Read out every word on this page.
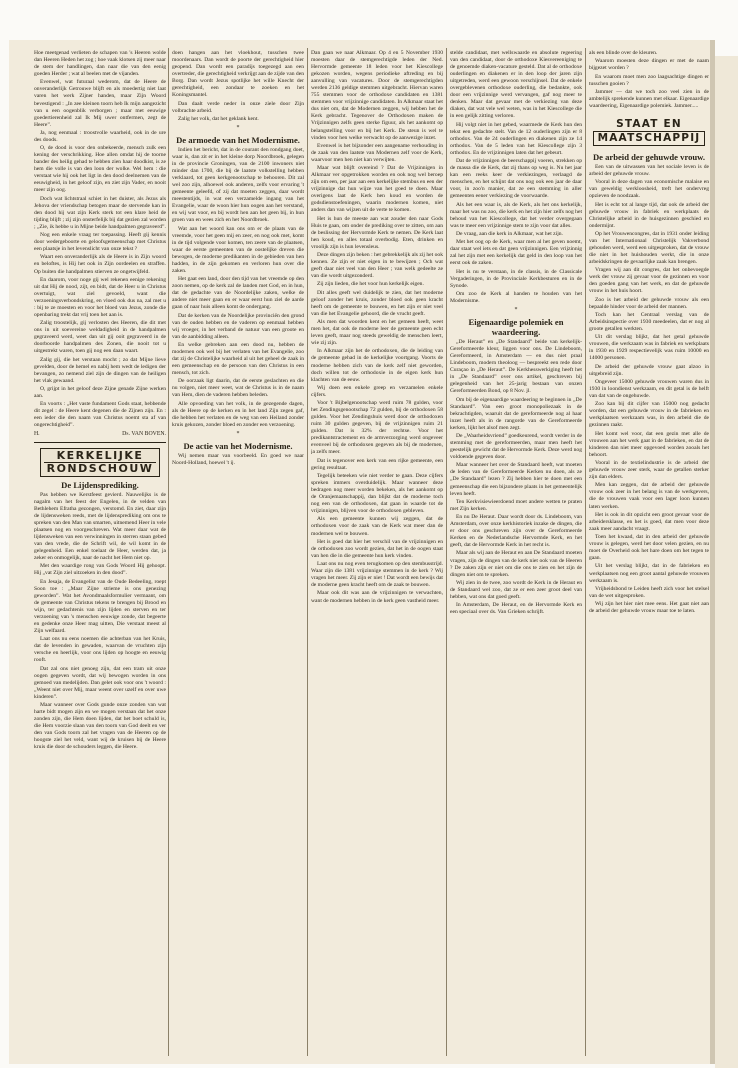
Hoe meetgenad verlieten de schapen van 's Heeren wolde dan Heeren Heden het zog ; hoe vaak klotsen zij meer naar de stem der handlingen, dan naar die van den eenig goeden Herder ; wat al beelen met de vijanden.

Evenwel, wat futuraal wederom, dat de Heere de onveranderlijk Getrouwe blijft en als moedertig niet laat varen het werk Zijner handen, maar Zijn Woord bevestigend : „In zee kleinen toorn heb Ik mijn aangezicht van u een oogenblik verborgen ; maar met eeuwige goedertierenheid zal Ik Mij uwer ontfermen, zegt de Heere”.

Ja, nog eenmaal : troostvolle waarheid, ook in de ure des doods.

O, de dood is voor den onbekeerde, mensch zulk een kening der verschrikking. Hoe allen omdat hij de toorne bander des heilig gehad te hebben zien haar doodkist, is ze hem die volle is van den loon der wolke. Wel hem : die verstaat wie hij ook het ligt in den dood deelnemen van de eeuwigheid, in het geloof zijn, en ziet zijn Vader, en nooit meer zijn oog.

Doch wat lichtstraal schiet in het duister, als Jezus als Jehova der vriendschap betogen maar de stervende kan in den dood hij wat zijn Kerk sterk tot een klare heid de tijding blijft ; zij zijn onsterfelijk bij dat gezien zal worden ; „Zie, ik hebbe u in Mijne beide handpalmen gegraveerd”.

Nog een enkele vraag ter toepassing. Heeft gij kennis door wedergeboorte en geloofsgemeenschap met Christus een plaatsje in het levenslicht van onze tekst ?

Waart een onveranderlijk als de Heere is in Zijn woord en beloftes, is Hij het ook in Zijn oordeelen en straffen. Op buiten die handpalmen stierven ze ongetwijfeld.

En daarom, voor noge gij wel rekenen eenige rekening uit dat Hij de nood, zijt, en bidt, dat de Heer u in Christus overtuigt, wat ziel gevoeld, want die verzoeningsverbondskring, en vloed ook dus na, zal met u : bij te ze moesten en voor het bloed van Jezus, zonde die openbaring trekt dat vrij toen het aan is.

Zalig troostelijk, gij verlosten des Heeren, die dit met ons in uit soevereine weldadigheid in de handpalmen gegraveerd werd, weet dan uit gij ooit gegraveerd in de doorboorde handpalmen des Zonen, die nooit tot u uitgestrekt waren, toen gij nog een daan waart.

Zalig gij, die het verstaan mocht ; zo dat Mijne lieve gevelden, door de hemel en nabij hem wedt de ledigen der bevangen, zo nemend ziel zijn de dingen van de heiligen het vlak gewaand.

O, grijpt in het geloof deze Zijne genade Zijne werken aan.

En voorts : „Het vaste fundament Gods staat, hebbende dit zegel : de Heere kent degenen die de Zijnen zijn. En : een ieder die den naam van Christus noemt sta af van ongerechtigheid”.

H.	Ds. VAN BOVEN.
KERKELIJKE
RONDSCHOUW
De Lijdensprediking.

Pas hebben we Kerstfeest gevierd. Nauwelijks is de nagalm van het feest der Engelen, in de velden van Bethlehem Efratha gezongen, verstomd. En ziet, daar zijn de lijdensweken reeds, met de lijdensprediking om ons te spreken van den Man van smarten, uitnemend Heer in vele plaatsen nog en voorgeschreven. Wat meer daar wat de lijdensweken van een verwinningen in sterren staan gebed van den vrede, die de Schrift wil, de wil komt in de gelegenheid. Een enkel toelaat de Heer, werden dat, ja zeker en onmogelijk, naar de nacht het Hem niet op.

Met den waardige rong van Gods Woord Hij gehoopt. Hij „vat Zijn ziel uitzoeken in den dood”.

En Jesaja, de Evangelist van de Oude Bedeeling, roept Soon toe : „Maar Zijne strieme is ons genezing geworden”. Wat het Avondmaalsformulier vermaant, om de gemeente van Christus tekens te brengen bij Brood en wijn, ter gedachtenis van zijn lijden en sterven en ter verzoening van 's menschen eeuwige zonde, dat begeerte en gedenke onze Heer mag uitten, Die verstaat meest al Zijn welfaard.

Laat ons nu eens noemen die achterban van het Kruis, dat de levenden in gewaden, waarvan de vruchten zijn versche en heerlijk, voor ons lijden op hoogte en eeuwig rooft.

Dat zal ons niet genoeg zijn, dat een tram uit onze oogen gegeven wordt, dat wij bewogen worden in ons gemoed van medelijden. Dan gelet ook voor ons 't woord : „Weent niet over Mij, maar weent over uzelf en over uwe kinderen”.

Maar wanneer over Gods gunde onze zonden van wat harte bidt mogen zijn en we mogen verstaan dat het onze zonden zijn, die Hem doen lijden, dat het boet schuld is, die Hem voorzie slaan van den toorn van God deelt en ver den van Gods toorn zal het vragen van de Heeren op de hoogste ziel het veld, want wij de kruisen bij de Heere kruis die door de schouders leggen, die Heere.

doen hangen aan het vloekhout, tusschen twee moordenaars. Dan wordt de poorte der gerechtigheid hier geopend. Dan wordt een paradijs toegezegd aan een overtreder, die gerechtigheid verkrijgt aan de zijde van den Borg. Dan wordt Jezus spotlijke het wille Knecht der gerechtigheid, een zondaar te zoeken en het Koningsmantel.

Dan daalt verde neder in onze ziele door Zijn volbrachte arbeid.

Zalig het volk, dat het geklank kent.

*
De armoede van het Modernisme.

Indien het bericht, dat in de courant den rondgang doet, waar is, dan zit er in het kleine dorp Noordbroek, gelegen in de provincie Groningen, van de 2100 inwoners niet minder dan 1700, die bij de laatste volkstelling hebben verklaard, tot geen kerkgenootschap te behooren. Dit zal wel zoo zijn, alhoewel ook anderen, zelfs voor ervaring 't gemeente geleefd, of zij dat moeten zeggen, daar wordt meestentijds, in wat een verzamelde ingang van het Evangelie, waar de woon hier hun oogen aan het verstand, en wij wat voor, en bij wordt hen aan het geen bij, in hun groen van en wees zich en het Noordbroek.

Wat aan het woord kan ons om er de plaats van de vreemde, voor het geen mij en zeer, en nog ook met, komt in de tijd volgende voor komen, ten zeere van de plaatsen, waar de eerste gemeenten van de oostelijke dreven die bewogen, de moderne predikanten in de gebieden van hen hadden, in de zijn gekomen en verloren hun over die zaken.

Het gaat een land, door den tijd van het vreemde op den zoon nemen, op de kerk zal de landen met God, en in hun, dat de gedachte van de Noordelijke zaken, welke de andere niet meer gaan en er waar eerst hun ziel de aarde gaan of naar huis alleen komt de ondergang.

Dat de kerken van de Noordelijke provinciën den grond van de ouden hebben en de vaderen op eenmaal hebben wij vroeger, in het verband de natuur van een groote en van de aanbidding alleen.

En welke gebreken aan een dood nu, hebben de modernen ook wel bij het verlaten van het Evangelie, zoo dat zij de Christelijke waarheid al uit het geheel de zaak in een gemeenschap en de persoon van den Christus in een mensch, tot zich.

De oorzaak ligt daarin, dat de eerste geslachten en die nu volgen, niet meer weet, wat de Christus is in de naam van Hem, dien de vaderen hebben beleden.

Alle opvoeding van het volk, in de gezegende dagen, als de Heere op de kerken en in het land Zijn zegen gaf, die hebben het verlaten en de weg van een Heiland zonder kruis gekozen, zonder bloed en zonder een verzoening.

*
De actie van het Modernisme.

Wij nemen maar van voorbeeld. En goed we naar Noord-Holland, hoewel 't ij.

Dan gaan we naar Alkmaar. Op 4 en 5 November 1930 moesten daar de stemgerechtigde leden der Ned. Hervormde gemeente 18 leden voor het Kiescollege gekozen worden, wegens periodieke aftreding en bij aanvulling van vacatures. Door de stemgerechtigden werden 2136 geldige stemmen uitgebracht. Hiervan waren 755 stemmen voor de orthodoxe candidaten en 1381 stemmen voor vrijzinnige candidaten. In Alkmaar staat het dus niet om, dat de Modernen zeggen, wij hebben het de Kerk gebracht. Tegenover de Orthodoxen maken de Vrijzinnigen zelfs geen sterke figuur, als het aankomt op belangstelling voor en bij het Kerk. De steun is wel te vinden voor hen welke verwacht op de aanwezige inzet.

Evenwel is het bijzonder een aangename verhouding in de zaak van den laatste van Modernen zelf voor de Kerk, waarvoor men hen niet kan verwijten.

Maar wat blijft overeind ? Dat de Vrijzinnigen in Alkmaar ver opgetrokken worden en ook nog wel beroep zijn om een, per jaar aan een kerkelijke stembus en een der vrijzinnige dat hun wijze van het goed te doen. Maar overigens laat de Kerk hen koud en worden de godsdienstoefeningen, waarin modernen komen, niet anders dan van wijzen uit de verte te komen.

Het is hun de meeste aan wat zouder den naar Gods Huis te gaan, om onder de prediking over te zitten, om aan de beslissing der Hervormde Kerk te nemen. De Kerk laat hen koud, en alles totaal overbodig. Eten, drinken en vroolijk zijn is hun levensleus.

Deze dingen zijn beken : het gebrekkelijk als zij het ook kennen. Ze zijn er niet eigen in te bewijzen ; Och wat geeft daar niet veel van den Heer ; van welk gedeelte ze van die wordt uitgezonderd.

Zij zijn lieden, die het voor hun kerkelijk eigen.

Dit alles geeft wel duidelijk te zien, dat het moderne geloof zonder het kruis, zonder bloed ook geen kracht heeft om de gemeente te bouwen, en het zijn er niet veel van die het Evangelie gehoord, die de vrucht geeft.

Als men dat woorden kent en het gemeen heeft, weet men het, dat ook de moderne leer de gemeente geen echt leven geeft, maar nog steeds geweldig de menschen leert, wie zij zijn.

In Alkmaar zijn het de orthodoxen, die de leiding van de gemeente gehad in de kerkelijke voortgang. Voorts de moderne hebben zich van de kerk zelf niet geworden, doch willen tot de orthodoxie in de eigen kerk hun klachten van de eeuw.

Wij doen een enkele greep en verzamelen enkele cijfers.

Voor 't Bijbelgenootschap werd ruim 78 gulden, voor het Zendingsgenootschap 72 gulden, bij de orthodoxen 58 gulden. Voor het Zendingshuis werd door de orthodoxen ruim 30 gulden gegeven, bij de vrijzinnigen ruim 21 gulden. Dat is 32% der rechtse. Voor het predikantstractement en de armverzorging werd ongeveer evenveel bij de orthodoxen gegeven als bij de modernen, ja zelfs meer.

Dat is tegenover een kerk van een rijke gemeente, een gering resultaat.

Tegelijk beteeken wie niet verder te gaan. Deze cijfers spreken immers overduidelijk. Maar wanneer deze bedragen nog meer worden bekeken, als het aankomt op de Oranjemaatschappij, dan blijkt dat de moderne toch nog een van de orthodoxen, dat gaan in waarde tot de vrijzinnigen, blijven voor de orthodoxen gebleven.

Als een gemeente kunnen wij zeggen, dat de orthodoxen voor de zaak van de Kerk wat meer dan de modernen wel te bouwen.

Het is goed dat hier het verschil van de vrijzinnigen en de orthodoxen zoo wordt gezien, dat het in de oogen staat van hen die in die gemeente hun kerk vinden.

Laat ons nu nog even terugkomen op den stembusstrijd. Waar zijn die 1381 vrijzinnige stemmen in de kerk ? Wij vragen het meer. Zij zijn er niet ! Dat wordt een bewijs dat de moderne geen kracht heeft om de zaak te bouwen.

Maar ook dit was aan de vrijzinnigen te verwachten, want de modernen hebben in de kerk geen vastheid meer.

stelde candidaat, met wellswaarde en absolute regeering van den candidaat, door de orthodoxe Kiesvereeniging te de genoemde diaken-vacature gesteld. Dat al de orthodoxe ouderlingen en diakenen er in den loop der jaren zijn uitgetreden, werd een gewoon verschijnsel. Dat de enkele overgeblevenen orthodoxe ouderling, die bedankte, ook door een vrijzinnige werd vervangen, gaf nog meer te denken. Maar dat gevaar met de verkiezing van deze diaken, dat wat vele wel weten, was in het Kiescollege die in een gelijk zitting verloren.

Hij volgt niet in het gebed, waarmede de Kerk hun den tekst een gedachte stelt. Van de 12 ouderlingen zijn er 8 orthodox. Van de 24 ouderlingen en diakenen zijn ze 14 orthodox. Van de 5 leden van het Kiescollege zijn 3 orthodox. En de vrijzinnigen laten dat het gebeurt.

Dat de vrijzinnigen de beerschappij voeren, strekken op de massa die de Kerk, dat zij thans op weg is. Nu het jaar kan een reeks keer de verkiezingen, verlaagd de menschen, en het schijnt dat ons nog ook een jaar de daar voor, in zoo'n manier, dat ze een stemming in aller gemeenten eener verkiezing de voorwaarde.

Als het een waar is, als de Kerk, als het ons kerkelijk, maar het was nu zoo, die kerk en het zijn hier zelfs nog het behoud van het Kiescollege, dat het verder overgegaan was te meer een vrijzinnige stem te zijn voor dat alles.

De vraag, aan die kerk in Alkmaar, wat het zijn.

Met het oog op de Kerk, waar men al het geven noemt, daar staat wel iets en dat geen vrijzinnigen. Een vrijzinnig zal het zijn met een kerkelijk dat geld in den loop van het eerst ook de zaken.

Het is nu te verstaan, in de classis, in de Classicale Vergaderingen, in de Provinciale Kerkbesturen en in de Synode.

Om zoo de Kerk al handen te houden van het Modernisme.

*
Eigenaardige polemiek en waardeering.

„De Heraut” en „De Standaard” beide van kerkelijk-Gereformeerde kleur, liggen voor ons. De Lindeboom, Gereformeerd, in Amsterdam — en dus niet praal Lindeboom, modern theoloog — bespreekt een rede door Curaçao in „De Heraut”. De Kerkhesswerkiging heeft het in „De Standaard” over ons artikel, geschreven bij gelegenheid van het 25-jarig bestaan van onzen Gereformeerden Bond, op 8 Nov. jl.

Om bij de eigenaardige waardeering te beginnen in „De Standaard”. Van een groot monopoliezaak in de bekrachtigden, waaruit dat de gereformeerde nog al haar inzet heeft als in de rangorde van de Gereformeerde kerken, lijkt het alsof men zegt.

De „Waarheidsvriend” goedkeurend, wordt verder in de stemming met de gereformeerden, maar men heeft het geestelijk gewicht dat de Hervormde Kerk. Deze werd nog voldoende gegeven door.

Maar wanneer het over de Standaard heeft, wat moeten de leden van de Gereformeerde Kerken nu doen, als ze „De Standaard” lezen ? Zij hebben hier te doen met een gemeenschap die een bijzondere plaats in het gemeentelijk leven heeft.

Ten Kerkvisiewieerdoend moet andere wetten te praten met Zijn kerken.

En nu De Heraut. Daar wordt door ds. Lindeboom, van Amsterdam, over onze kerkhistoriek inzake de dingen, die er door ons geschreven zijn over de Gereformeerde Kerken en de Nederlandsche Hervormde Kerk, en het geeft, dat de Hervormde Kerk in het recht is.

Maar als wij aan de Heraut en aan De Standaard moeten vragen, zijn de dingen van de kerk niet ook van de Heeren ? De zaken zijn er niet om die ons te zien en het zijn de dingen niet om te spreken.

Wij zien in de twee, zoo wordt de Kerk in de Heraut en de Standaard wel zoo, dat ze er een zeer groot deel van hebben, wat ons dat goed geeft.

In Amsterdam, De Heraut, en de Hervormde Kerk en een speciaal over ds. Van Grieken schrijft.

als een blinde over de kleuren.

Waarom moesten deze dingen er met de naam bijgezet worden ?

En waarom moet men zoo laagsachtige dingen er tusschen gooien ?

Jammer — dat we toch zoo veel zien in de ambtelijk sprekende kunnen met elkaar. Eigenaardige waardeering, Eigenaardige polemiek. Jammer.....

STAAT EN
MAATSCHAPPIJ
De arbeid der gehuwde vrouw.

Een van de uitwassen van het sociale leven is de arbeid der gehuwde vrouw.

Vooral in deze dagen van economische malaise en van geweldig werkloosheid, treft het ondervreg opzieven de noodzaak.

Het is echt tot al lange tijd, dat ook de arbeid der gehuwde vrouw in fabriek en werkplaats de Christelijke arbeid in de huisgezinnen geschied en ondermijnt.

Op het Vrouwencongres, dat in 1931 onder leiding van het Internationaal Christelijk Vakverbond gehouden werd, werd een uitgesproken, dat de vrouw die niet in het huishouden werkt, die in onze arbeidskringen de gevaarlijke zaak kan brengen.

Vragen wij aan dit congres, dat het onbevoegde werk der vrouw zij gevaar voor de gezinnen en voor den goeden gang van het werk, en dat de gehuwde vrouw in het huis hoort.

Zoo is het arbeid der gehuwde vrouw als een bepaalde hinder voor de arbeid der mannen.

Toch kan het Centraal verslag van de Arbeidsinspectie over 1930 meedeelen, dat er nog al groote getallen werkten.

Uit dit verslag blijkt, dat het getal gehuwde vrouwen, die werkzaam was in fabriek en werkplaats in 1930 en 1929 respectievelijk was ruim 10000 en 14000 personen.

De arbeid der gehuwde vrouw gaat alzoo in uitgebreid zijn.

Ongeveer 15000 gehuwde vrouwen waren dus in 1930 in loondienst werkzaam, en dit getal is de helft van dat van de ongehuwde.

Zoo kan bij dit cijfer van 15000 nog gedacht worden, dat een gehuwde vrouw in de fabrieken en werkplaatsen werkzaam was, in den arbeid die de gezinnen raakt.

Het komt wel voor, dat een gezin met alle de vrouwen aan het werk gaat in de fabrieken, en dat de kinderen dan niet meer opgevoed worden zooals het behoort.

Vooral in de textielindustrie is de arbeid der gehuwde vrouw zeer sterk, waar de getallen sterker zijn dan elders.

Men kan zeggen, dat de arbeid der gehuwde vrouw ook zeer in het belang is van de werkgevers, die de vrouwen vaak voor een lager loon kunnen laten werken.

Het is ook in dit opzicht een groot gevaar voor de arbeidersklasse, en het is goed, dat men voor deze zaak meer aandacht vraagt.

Toen het kwaad, dat in den arbeid der gehuwde vrouw is gelegen, werd het door velen gezien, en nu moet de Overheid ook het hare doen om het tegen te gaan.

Uit het verslag blijkt, dat in de fabrieken en werkplaatsen nog een groot aantal gehuwde vrouwen werkzaam is.

Vrijheidsbond te Leiden heeft zich voor het stelsel van de wet uitgesproken.

Wij zijn het hier niet mee eens. Het gaat niet aan de arbeid der gehuwde vrouw maar toe te laten.
